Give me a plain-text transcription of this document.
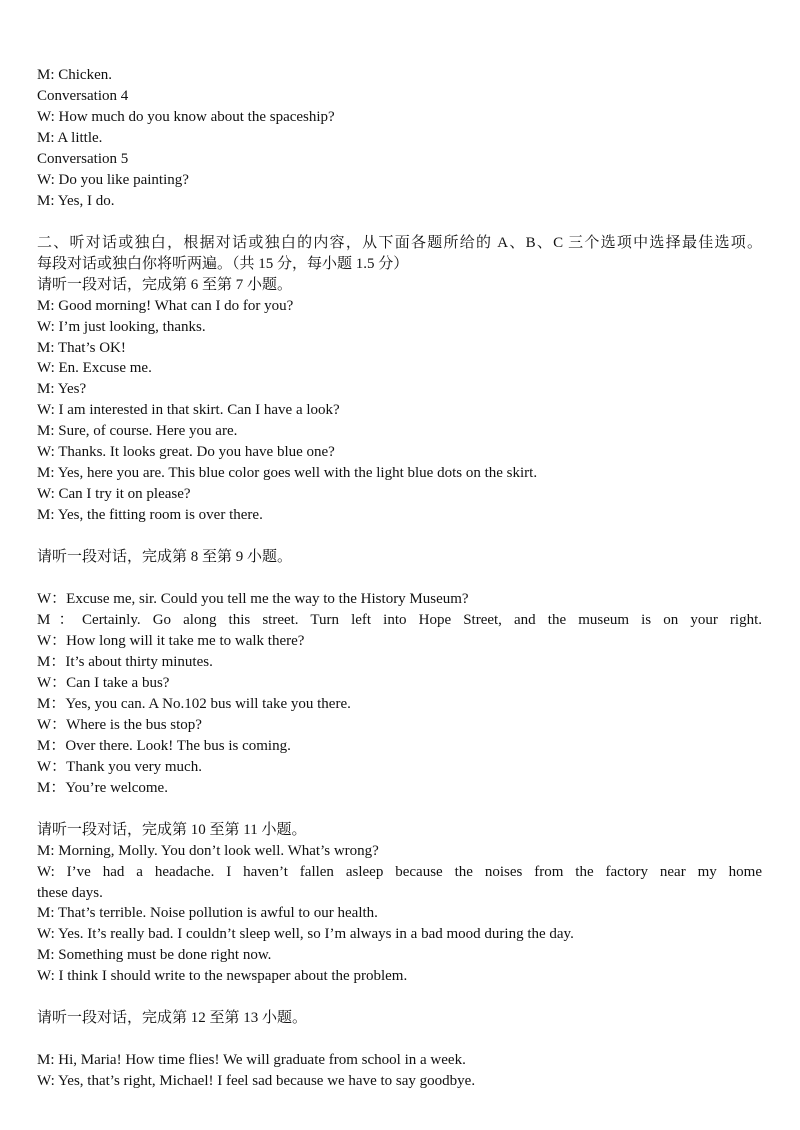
M: Chicken.
Conversation 4
W: How much do you know about the spaceship?
M: A little.
Conversation 5
W: Do you like painting?
M: Yes, I do.
二、听对话或独白，根据对话或独白的内容，从下面各题所给的 A、B、C 三个选项中选择最佳选项。
每段对话或独白你将听两遍。（共 15 分，每小题 1.5 分）
请听一段对话，完成第 6 至第 7 小题。
M: Good morning! What can I do for you?
W: I’m just looking, thanks.
M: That’s OK!
W: En. Excuse me.
M: Yes?
W: I am interested in that skirt. Can I have a look?
M: Sure, of course. Here you are.
W: Thanks. It looks great. Do you have blue one?
M: Yes, here you are. This blue color goes well with the light blue dots on the skirt.
W: Can I try it on please?
M: Yes, the fitting room is over there.
请听一段对话，完成第 8 至第 9 小题。
W：Excuse me, sir. Could you tell me the way to the History Museum?
M：Certainly. Go along this street. Turn left into Hope Street, and the museum is on your right.
W：How long will it take me to walk there?
M：It’s about thirty minutes.
W：Can I take a bus?
M：Yes, you can. A No.102 bus will take you there.
W：Where is the bus stop?
M：Over there. Look! The bus is coming.
W：Thank you very much.
M：You’re welcome.
请听一段对话，完成第 10 至第 11 小题。
M: Morning, Molly. You don’t look well. What’s wrong?
W: I’ve had a headache. I haven’t fallen asleep because the noises from the factory near my home
these days.
M: That’s terrible. Noise pollution is awful to our health.
W: Yes. It’s really bad. I couldn’t sleep well, so I’m always in a bad mood during the day.
M: Something must be done right now.
W: I think I should write to the newspaper about the problem.
请听一段对话，完成第 12 至第 13 小题。
M: Hi, Maria! How time flies! We will graduate from school in a week.
W: Yes, that’s right, Michael! I feel sad because we have to say goodbye.
